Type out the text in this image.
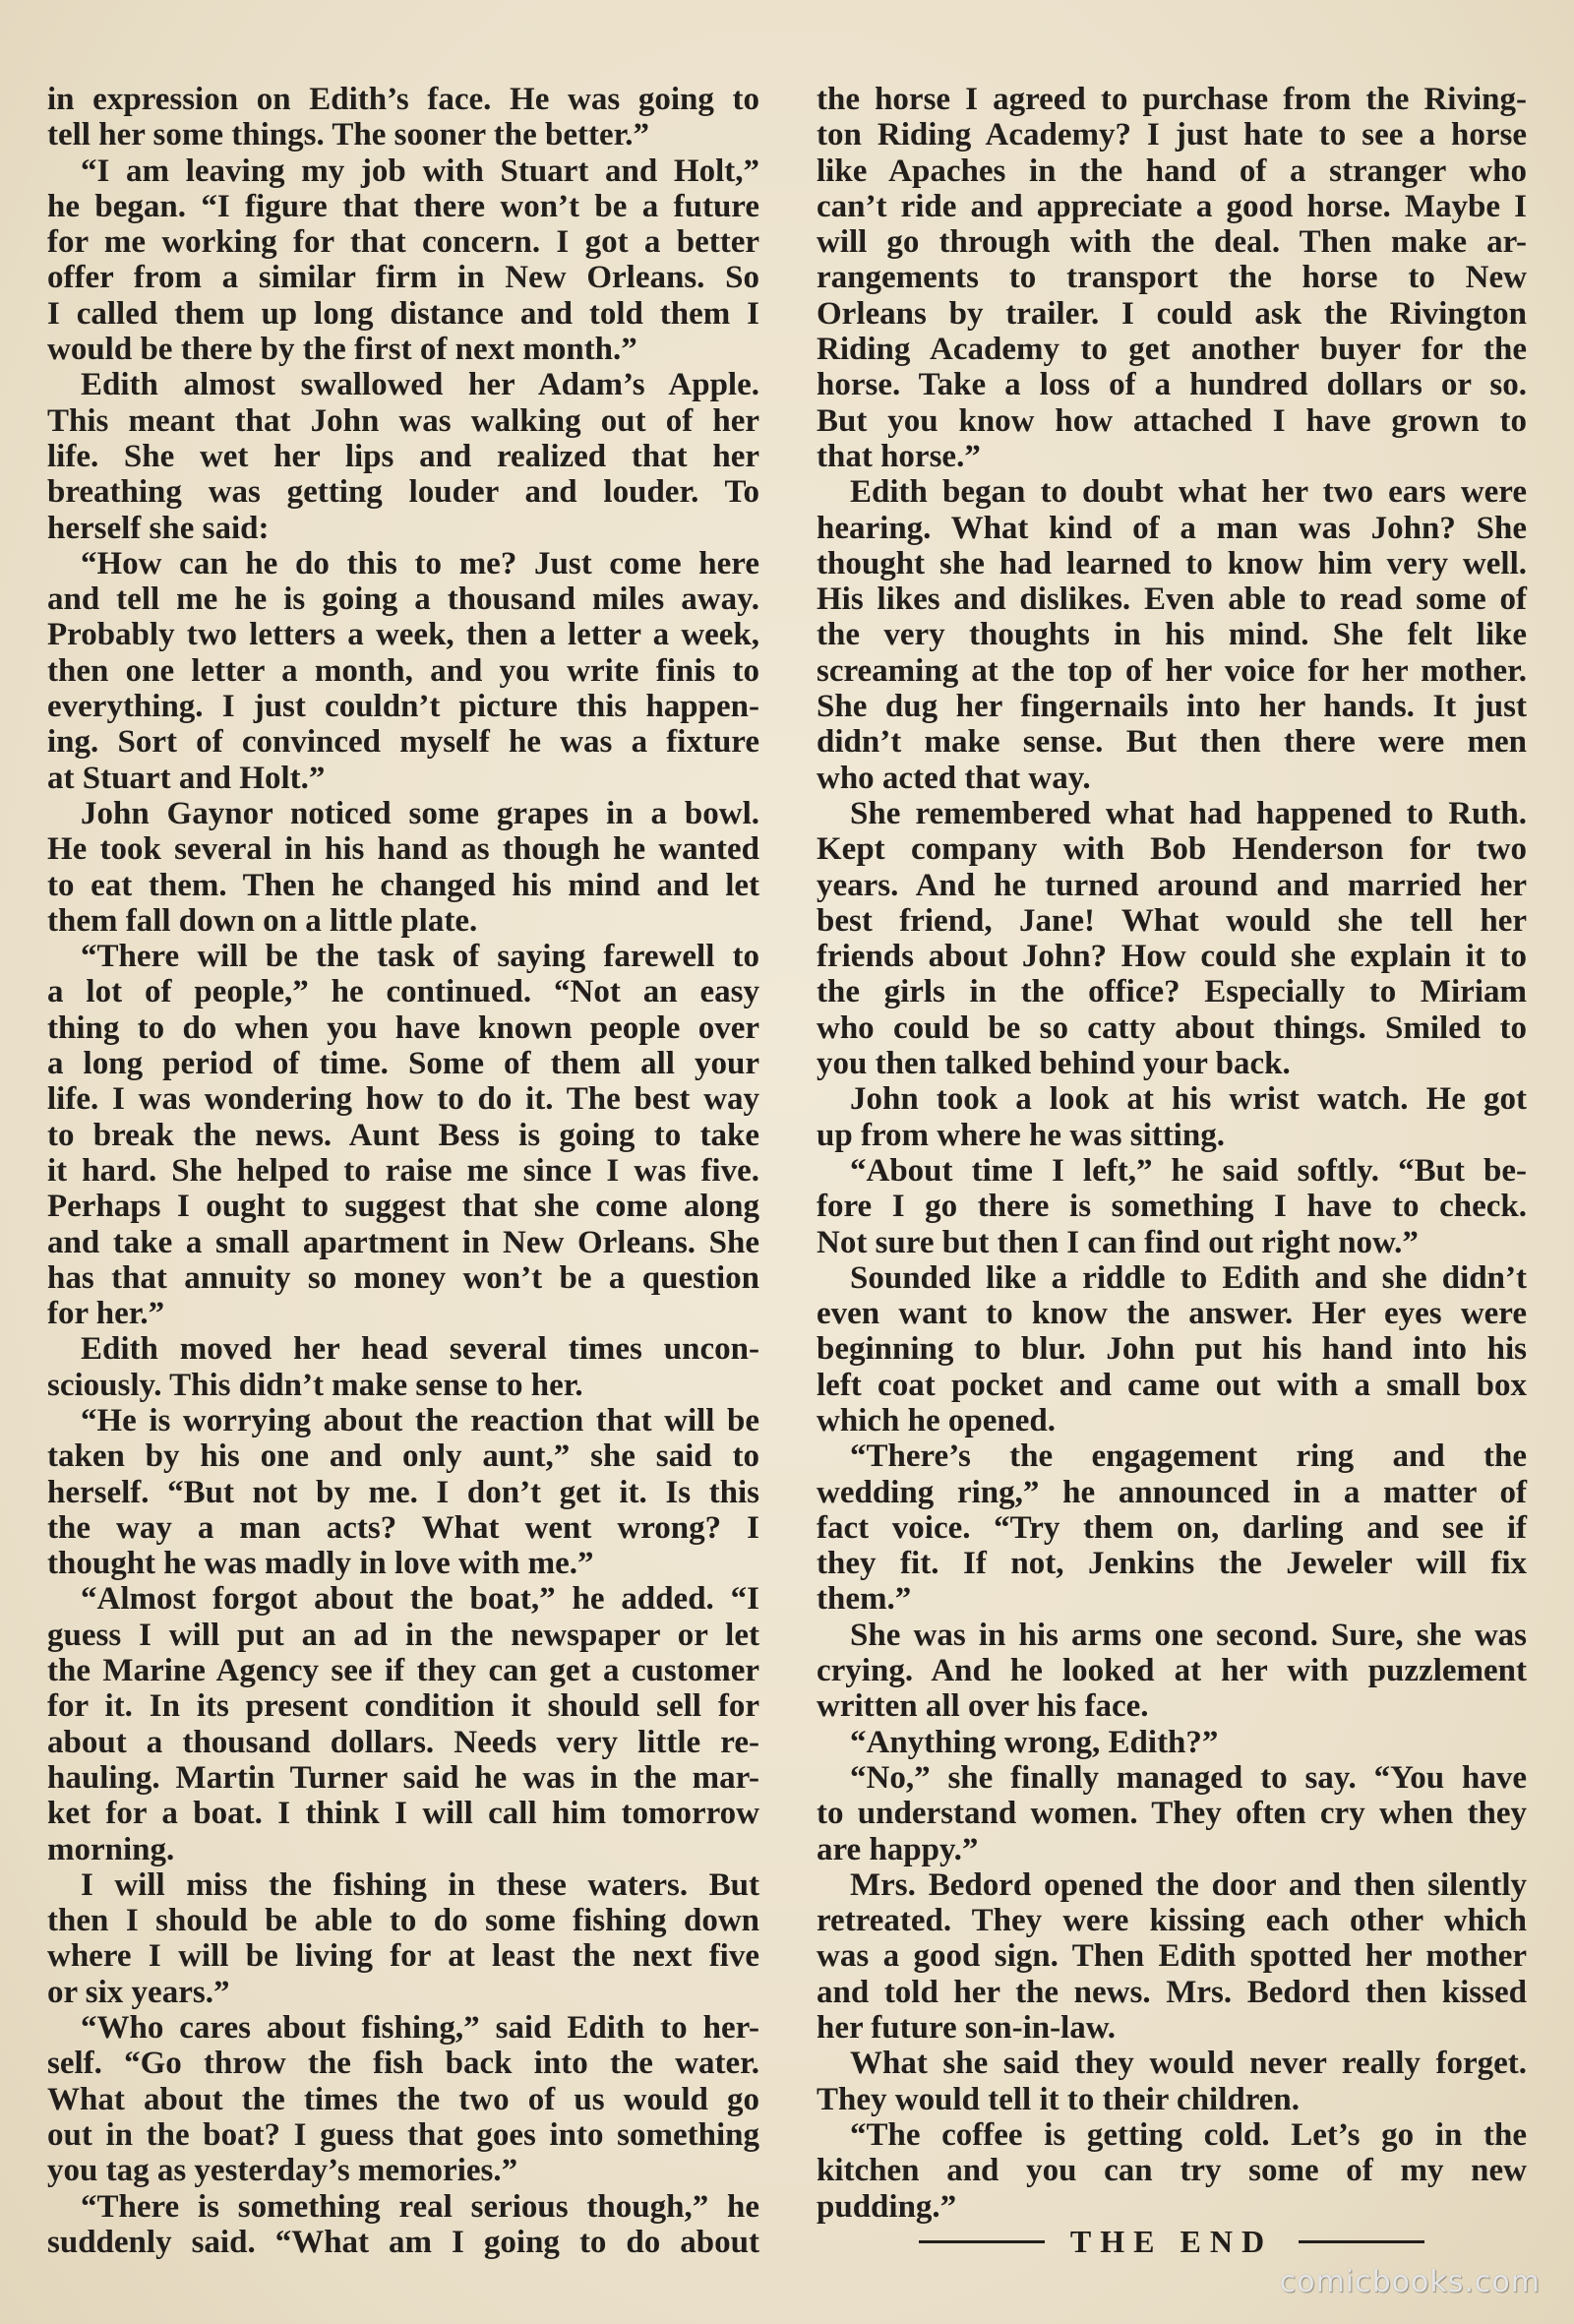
in expression on Edith’s face. He was going to
tell her some things. The sooner the better.”
“I am leaving my job with Stuart and Holt,”
he began. “I figure that there won’t be a future
for me working for that concern. I got a better
offer from a similar firm in New Orleans. So
I called them up long distance and told them I
would be there by the first of next month.”
Edith almost swallowed her Adam’s Apple.
This meant that John was walking out of her
life. She wet her lips and realized that her
breathing was getting louder and louder. To
herself she said:
“How can he do this to me? Just come here
and tell me he is going a thousand miles away.
Probably two letters a week, then a letter a week,
then one letter a month, and you write finis to
everything. I just couldn’t picture this happen-
ing. Sort of convinced myself he was a fixture
at Stuart and Holt.”
John Gaynor noticed some grapes in a bowl.
He took several in his hand as though he wanted
to eat them. Then he changed his mind and let
them fall down on a little plate.
“There will be the task of saying farewell to
a lot of people,” he continued. “Not an easy
thing to do when you have known people over
a long period of time. Some of them all your
life. I was wondering how to do it. The best way
to break the news. Aunt Bess is going to take
it hard. She helped to raise me since I was five.
Perhaps I ought to suggest that she come along
and take a small apartment in New Orleans. She
has that annuity so money won’t be a question
for her.”
Edith moved her head several times uncon-
sciously. This didn’t make sense to her.
“He is worrying about the reaction that will be
taken by his one and only aunt,” she said to
herself. “But not by me. I don’t get it. Is this
the way a man acts? What went wrong? I
thought he was madly in love with me.”
“Almost forgot about the boat,” he added. “I
guess I will put an ad in the newspaper or let
the Marine Agency see if they can get a customer
for it. In its present condition it should sell for
about a thousand dollars. Needs very little re-
hauling. Martin Turner said he was in the mar-
ket for a boat. I think I will call him tomorrow
morning.
I will miss the fishing in these waters. But
then I should be able to do some fishing down
where I will be living for at least the next five
or six years.”
“Who cares about fishing,” said Edith to her-
self. “Go throw the fish back into the water.
What about the times the two of us would go
out in the boat? I guess that goes into something
you tag as yesterday’s memories.”
“There is something real serious though,” he
suddenly said. “What am I going to do about
the horse I agreed to purchase from the Riving-
ton Riding Academy? I just hate to see a horse
like Apaches in the hand of a stranger who
can’t ride and appreciate a good horse. Maybe I
will go through with the deal. Then make ar-
rangements to transport the horse to New
Orleans by trailer. I could ask the Rivington
Riding Academy to get another buyer for the
horse. Take a loss of a hundred dollars or so.
But you know how attached I have grown to
that horse.”
Edith began to doubt what her two ears were
hearing. What kind of a man was John? She
thought she had learned to know him very well.
His likes and dislikes. Even able to read some of
the very thoughts in his mind. She felt like
screaming at the top of her voice for her mother.
She dug her fingernails into her hands. It just
didn’t make sense. But then there were men
who acted that way.
She remembered what had happened to Ruth.
Kept company with Bob Henderson for two
years. And he turned around and married her
best friend, Jane! What would she tell her
friends about John? How could she explain it to
the girls in the office? Especially to Miriam
who could be so catty about things. Smiled to
you then talked behind your back.
John took a look at his wrist watch. He got
up from where he was sitting.
“About time I left,” he said softly. “But be-
fore I go there is something I have to check.
Not sure but then I can find out right now.”
Sounded like a riddle to Edith and she didn’t
even want to know the answer. Her eyes were
beginning to blur. John put his hand into his
left coat pocket and came out with a small box
which he opened.
“There’s the engagement ring and the
wedding ring,” he announced in a matter of
fact voice. “Try them on, darling and see if
they fit. If not, Jenkins the Jeweler will fix
them.”
She was in his arms one second. Sure, she was
crying. And he looked at her with puzzlement
written all over his face.
“Anything wrong, Edith?”
“No,” she finally managed to say. “You have
to understand women. They often cry when they
are happy.”
Mrs. Bedord opened the door and then silently
retreated. They were kissing each other which
was a good sign. Then Edith spotted her mother
and told her the news. Mrs. Bedord then kissed
her future son-in-law.
What she said they would never really forget.
They would tell it to their children.
“The coffee is getting cold. Let’s go in the
kitchen and you can try some of my new
pudding.”
THE END
comicbooks.com
